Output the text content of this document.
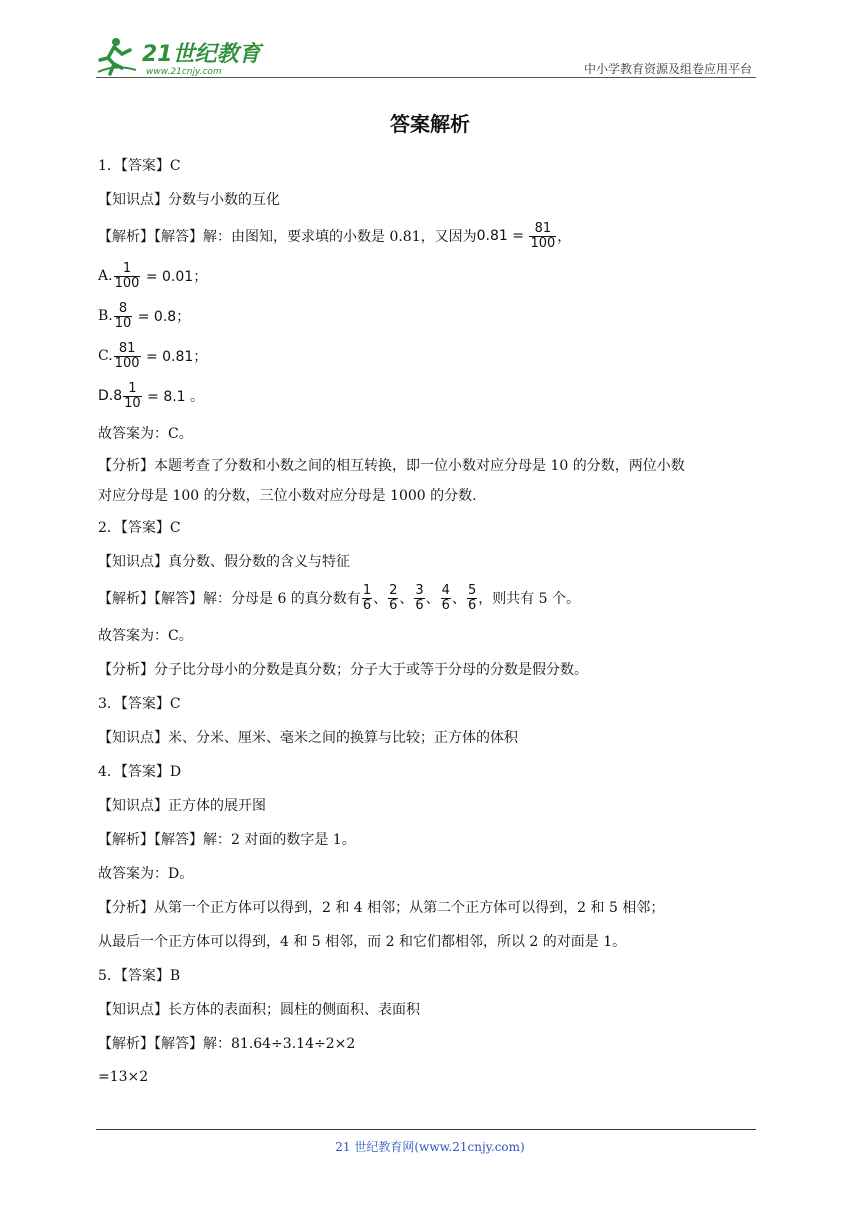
21世纪教育
www.21cnjy.com	中小学教育资源及组卷应用平台
答案解析
1．【答案】C
【知识点】分数与小数的互化
【解析】【解答】解：由图知，要求填的小数是 0.81，又因为 0.81 =
$\frac{81}{100}$ ，
A. $\frac{1}{100}$
= 0.01；
B. $\frac{8}{10}$
= 0.8；
C. $\frac{81}{100}$
= 0.81；
$D.8 \frac{1}{10}$
= 8.1 。
故答案为：C。
【分析】本题考查了分数和小数之间的相互转换，即一位小数对应分母是 10 的分数，两位小数
对应分母是 100 的分数，三位小数对应分母是 1000 的分数.
2．【答案】C
【知识点】真分数、假分数的含义与特征
【解析】【解答】解：分母是 6 的真分数有 $\frac{1}{6}$ 、 $\frac{2}{6}$ 、 $\frac{3}{6}$ 、 $\frac{4}{6}$ 、 $\frac{5}{6}$ ， 则共有 5 个。
故答案为：C。
【分析】分子比分母小的分数是真分数；分子大于或等于分母的分数是假分数。
3．【答案】C
【知识点】米、分米、厘米、毫米之间的换算与比较；正方体的体积
4．【答案】D
【知识点】正方体的展开图
【解析】【解答】解：2 对面的数字是 1。
故答案为：D。
【分析】从第一个正方体可以得到，2 和 4 相邻；从第二个正方体可以得到，2 和 5 相邻；
从最后一个正方体可以得到，4 和 5 相邻，而 2 和它们都相邻，所以 2 的对面是 1。
5．【答案】B
【知识点】长方体的表面积；圆柱的侧面积、表面积
【解析】【解答】解：81.64÷3.14÷2×2
=13×2
21 世纪教育网(www.21cnjy.com)
